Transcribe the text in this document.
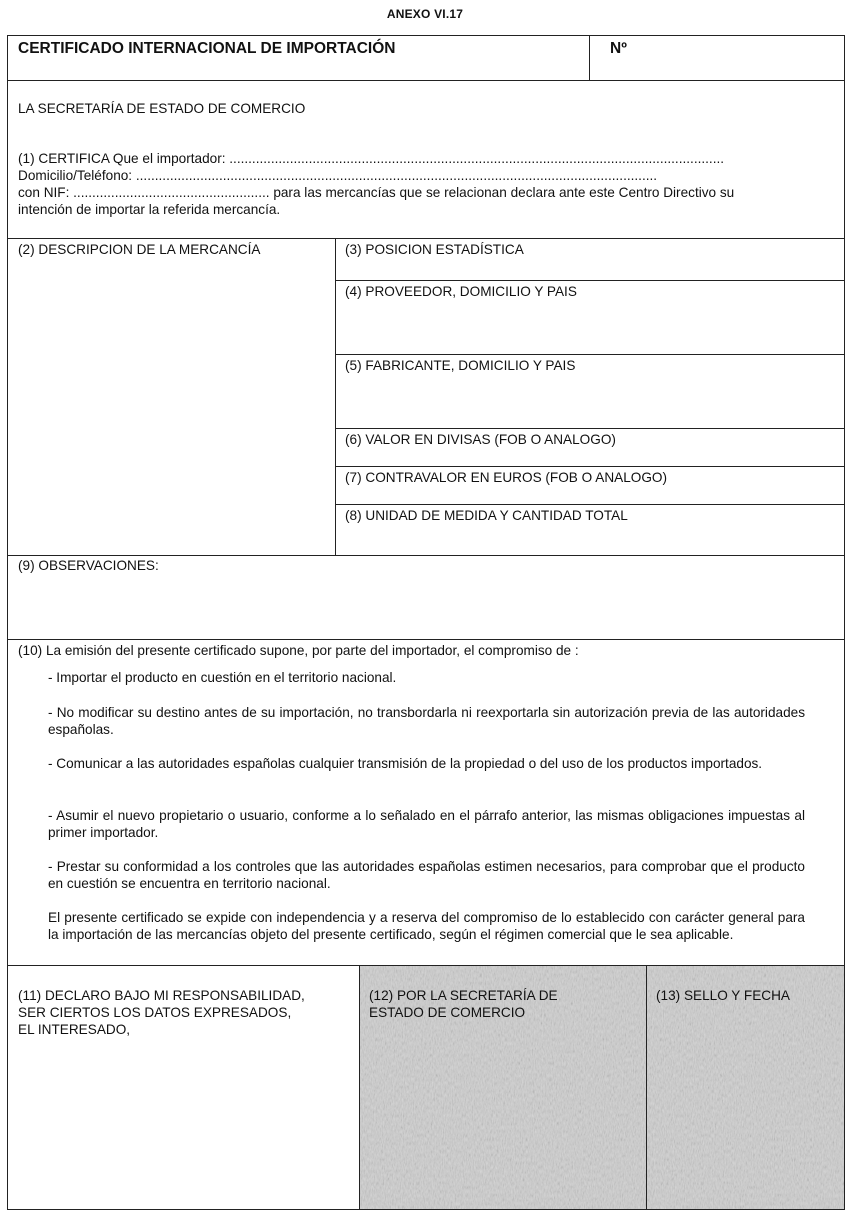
ANEXO VI.17
CERTIFICADO INTERNACIONAL DE IMPORTACIÓN	Nº
LA SECRETARÍA DE ESTADO DE COMERCIO
(1) CERTIFICA Que el importador: ...................................................................................................................................
Domicilio/Teléfono: ..........................................................................................................................................
con NIF: .................................................... para las mercancías que se relacionan declara ante este Centro Directivo su
intención de importar la referida mercancía.
(2) DESCRIPCION DE LA MERCANCÍA	(3) POSICION ESTADÍSTICA
(4) PROVEEDOR, DOMICILIO Y PAIS
(5) FABRICANTE, DOMICILIO Y PAIS
(6) VALOR EN DIVISAS (FOB O ANALOGO)
(7) CONTRAVALOR EN EUROS (FOB O ANALOGO)
(8) UNIDAD DE MEDIDA Y CANTIDAD TOTAL
(9) OBSERVACIONES:
(10) La emisión del presente certificado supone, por parte del importador, el compromiso de :
- Importar el producto en cuestión en el territorio nacional.
- No modificar su destino antes de su importación, no transbordarla ni reexportarla sin autorización previa de las autoridades españolas.
- Comunicar a las autoridades españolas cualquier transmisión de la propiedad o del uso de los productos importados.
- Asumir el nuevo propietario o usuario, conforme a lo señalado en el párrafo anterior, las mismas obligaciones impuestas al primer importador.
- Prestar su conformidad a los controles que las autoridades españolas estimen necesarios, para comprobar que el producto en cuestión se encuentra en territorio nacional.
El presente certificado se expide con independencia y a reserva del compromiso de lo establecido con carácter general para la importación de las mercancías objeto del presente certificado, según el régimen comercial que le sea aplicable.
(11) DECLARO BAJO MI RESPONSABILIDAD,
SER CIERTOS LOS DATOS EXPRESADOS,
EL INTERESADO,
(12) POR LA SECRETARÍA DE
ESTADO DE COMERCIO
(13) SELLO Y FECHA
